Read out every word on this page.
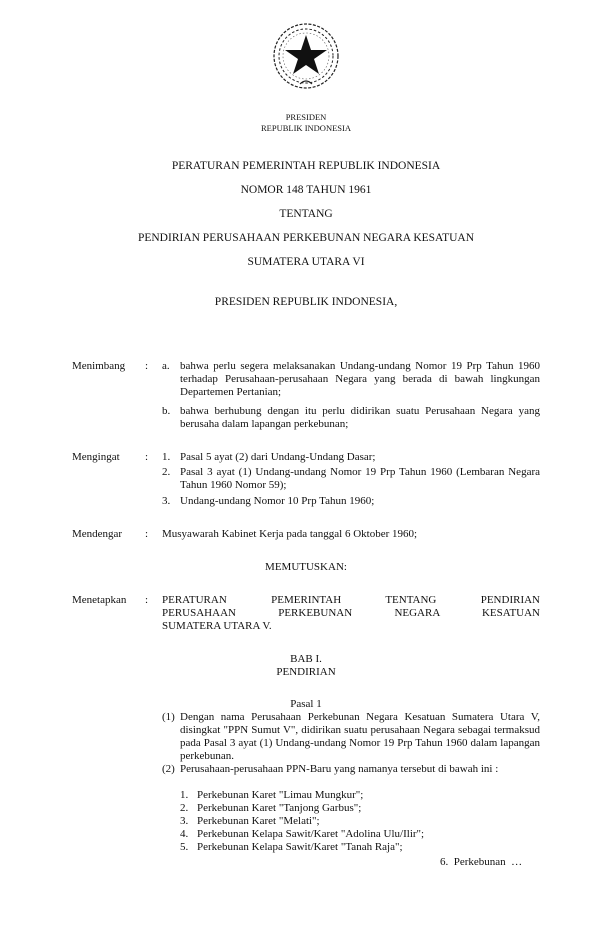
PRESIDEN
REPUBLIK INDONESIA
PERATURAN PEMERINTAH REPUBLIK INDONESIA
NOMOR 148 TAHUN 1961
TENTANG
PENDIRIAN PERUSAHAAN PERKEBUNAN NEGARA KESATUAN
SUMATERA UTARA VI
PRESIDEN REPUBLIK INDONESIA,
Menimbang : a. bahwa perlu segera melaksanakan Undang-undang Nomor 19 Prp Tahun 1960 terhadap Perusahaan-perusahaan Negara yang berada di bawah lingkungan Departemen Pertanian;
b. bahwa berhubung dengan itu perlu didirikan suatu Perusahaan Negara yang berusaha dalam lapangan perkebunan;
Mengingat : 1. Pasal 5 ayat (2) dari Undang-Undang Dasar;
2. Pasal 3 ayat (1) Undang-undang Nomor 19 Prp Tahun 1960 (Lembaran Negara Tahun 1960 Nomor 59);
3. Undang-undang Nomor 10 Prp Tahun 1960;
Mendengar : Musyawarah Kabinet Kerja pada tanggal 6 Oktober 1960;
MEMUTUSKAN:
Menetapkan : PERATURAN PEMERINTAH TENTANG PENDIRIAN
PERUSAHAAN PERKEBUNAN NEGARA KESATUAN
SUMATERA UTARA V.
BAB I.
PENDIRIAN
Pasal 1
(1) Dengan nama Perusahaan Perkebunan Negara Kesatuan Sumatera Utara V, disingkat "PPN Sumut V", didirikan suatu perusahaan Negara sebagai termaksud pada Pasal 3 ayat (1) Undang-undang Nomor 19 Prp Tahun 1960 dalam lapangan perkebunan.
(2) Perusahaan-perusahaan PPN-Baru yang namanya tersebut di bawah ini :
1. Perkebunan Karet "Limau Mungkur";
2. Perkebunan Karet "Tanjong Garbus";
3. Perkebunan Karet "Melati";
4. Perkebunan Kelapa Sawit/Karet "Adolina Ulu/Ilir";
5. Perkebunan Kelapa Sawit/Karet "Tanah Raja";
6.  Perkebunan  …
